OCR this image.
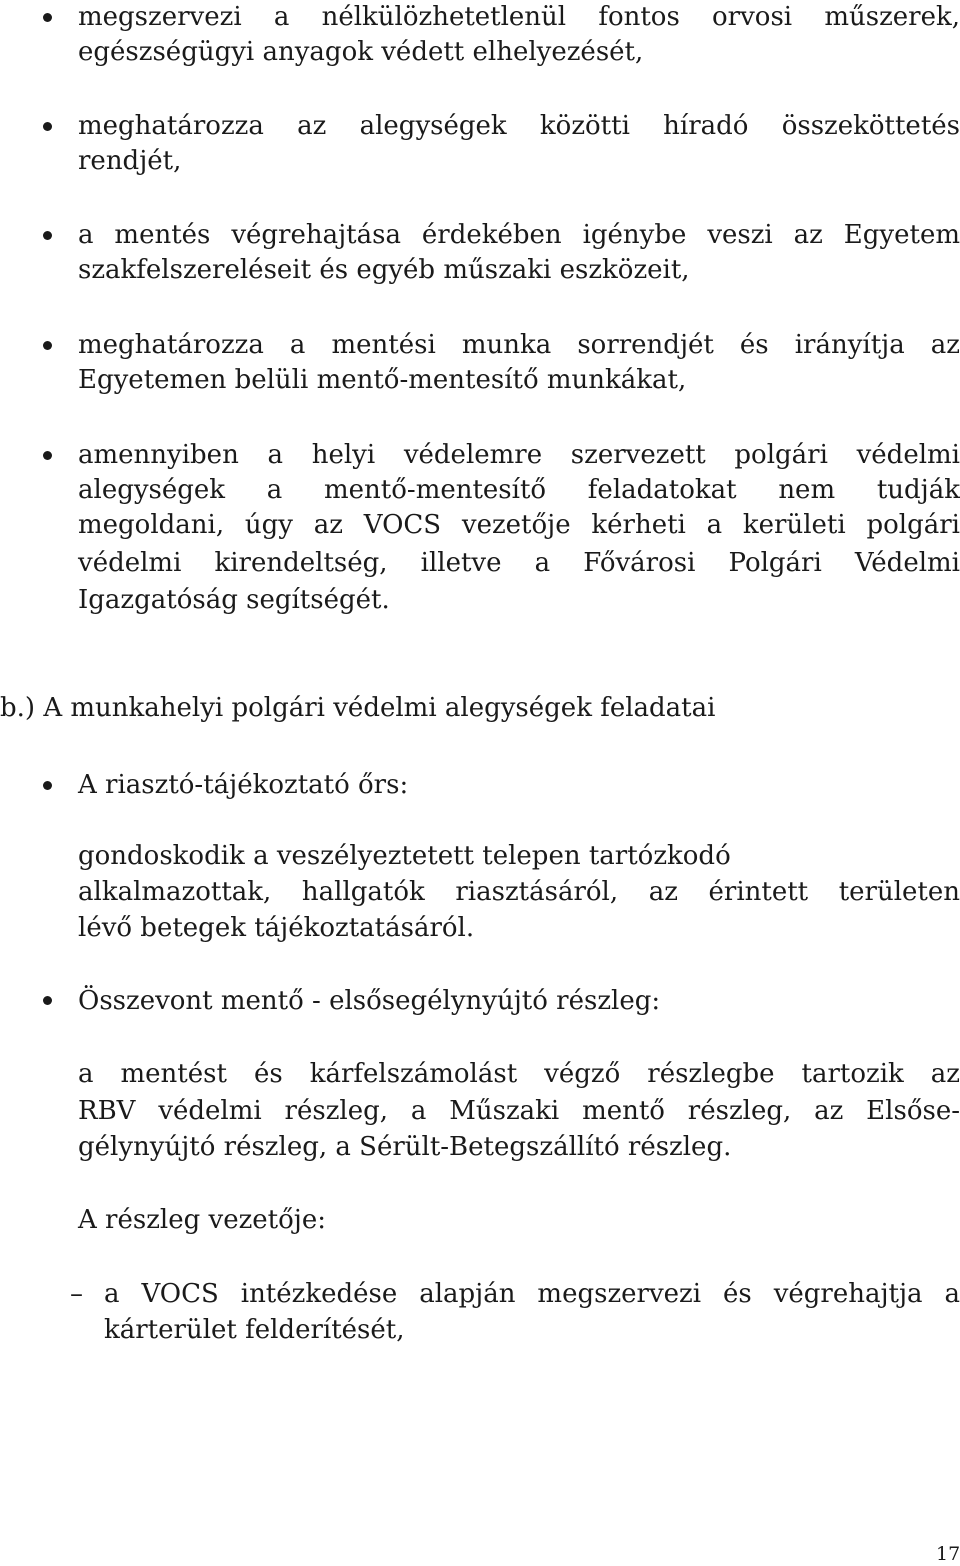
megszervezi a nélkülözhetetlenül fontos orvosi műszerek,
egészségügyi anyagok védett elhelyezését,
meghatározza az alegységek közötti híradó összeköttetés
rendjét,
a mentés végrehajtása érdekében igénybe veszi az Egyetem
szakfelszereléseit és egyéb műszaki eszközeit,
meghatározza a mentési munka sorrendjét és irányítja az
Egyetemen belüli mentő-mentesítő munkákat,
amennyiben a helyi védelemre szervezett polgári védelmi
alegységek a mentő-mentesítő feladatokat nem tudják
megoldani, úgy az VOCS vezetője kérheti a kerületi polgári
védelmi kirendeltség, illetve a Fővárosi Polgári Védelmi
Igazgatóság segítségét.
b.) A munkahelyi polgári védelmi alegységek feladatai
A riasztó-tájékoztató őrs:
gondoskodik a veszélyeztetett telepen tartózkodó
alkalmazottak, hallgatók riasztásáról, az érintett területen
lévő betegek tájékoztatásáról.
Összevont mentő - elsősegélynyújtó részleg:
a mentést és kárfelszámolást végző részlegbe tartozik az
RBV védelmi részleg, a Műszaki mentő részleg, az Elsőse-
gélynyújtó részleg, a Sérült-Betegszállító részleg.
A részleg vezetője:
– a VOCS intézkedése alapján megszervezi és végrehajtja a
kárterület felderítését,
17
